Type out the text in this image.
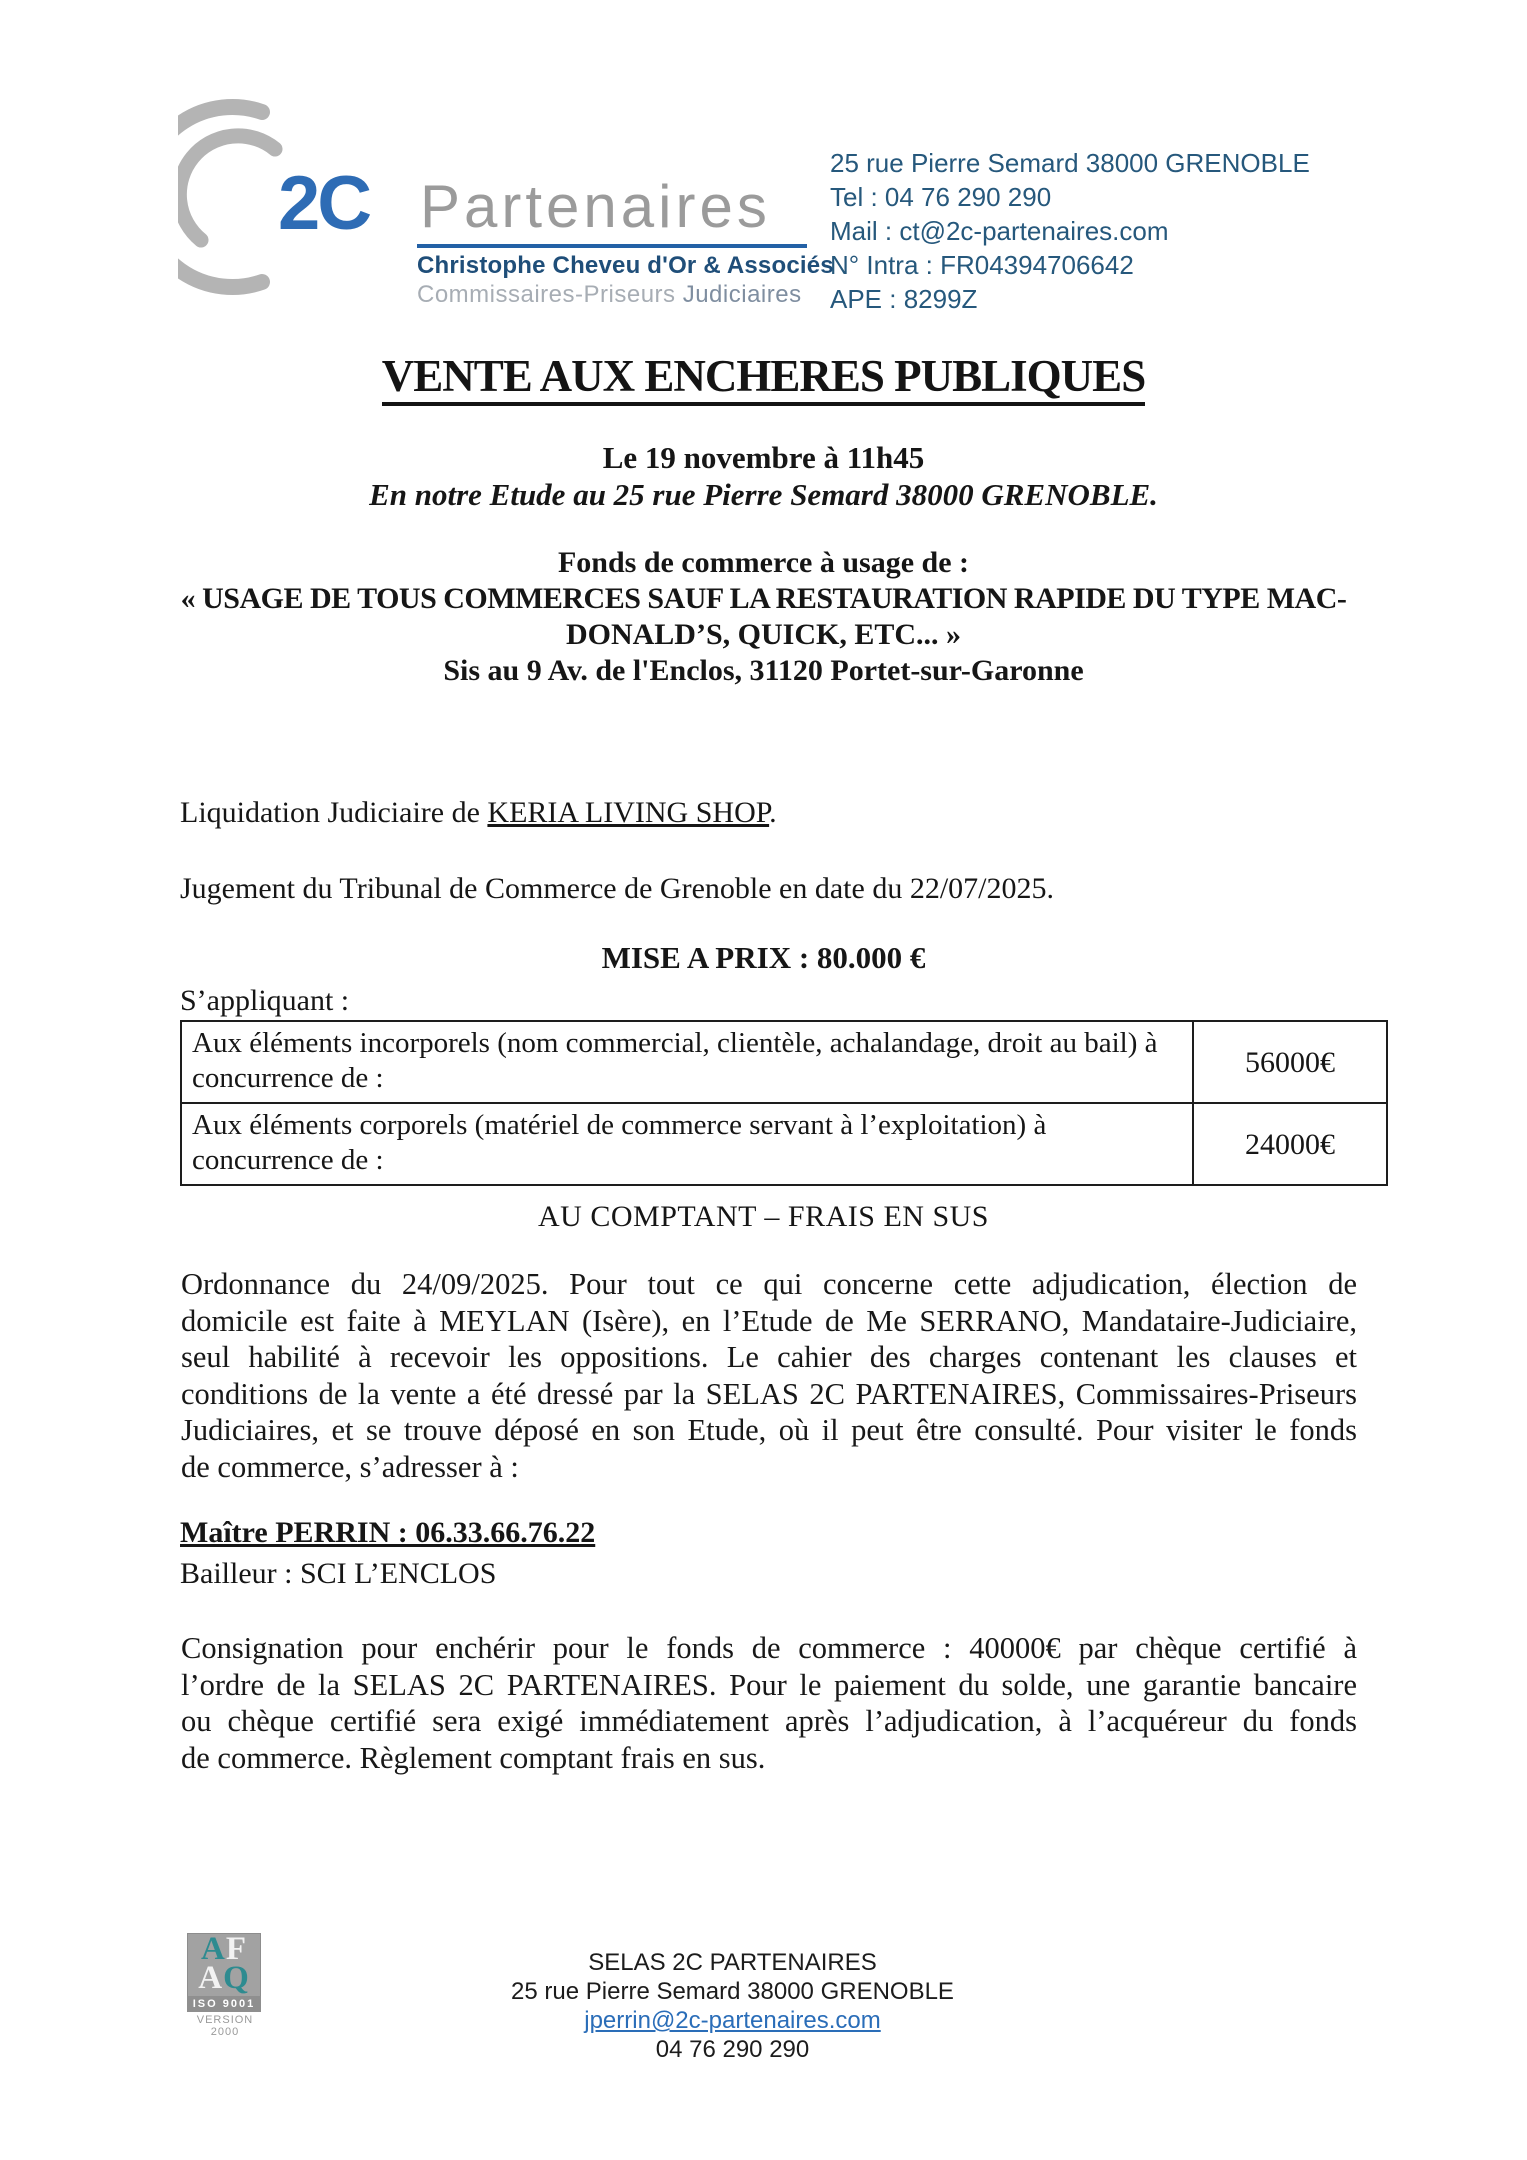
2C Partenaires
Christophe Cheveu d'Or & Associés
Commissaires-Priseurs Judiciaires
25 rue Pierre Semard 38000 GRENOBLE
Tel : 04 76 290 290
Mail : ct@2c-partenaires.com
N° Intra : FR04394706642
APE : 8299Z
VENTE AUX ENCHERES PUBLIQUES
Le 19 novembre à 11h45
En notre Etude au 25 rue Pierre Semard 38000 GRENOBLE.
Fonds de commerce à usage de :
« USAGE DE TOUS COMMERCES SAUF LA RESTAURATION RAPIDE DU TYPE MAC-
DONALD’S, QUICK, ETC... »
Sis au 9 Av. de l'Enclos, 31120 Portet-sur-Garonne
Liquidation Judiciaire de KERIA LIVING SHOP.
Jugement du Tribunal de Commerce de Grenoble en date du 22/07/2025.
MISE A PRIX : 80.000 €
S’appliquant :
Aux éléments incorporels (nom commercial, clientèle, achalandage, droit au bail) à concurrence de :	56000€
Aux éléments corporels (matériel de commerce servant à l’exploitation) à concurrence de :	24000€
AU COMPTANT – FRAIS EN SUS
Ordonnance du 24/09/2025. Pour tout ce qui concerne cette adjudication, élection de
domicile est faite à MEYLAN (Isère), en l’Etude de Me SERRANO, Mandataire-Judiciaire,
seul habilité à recevoir les oppositions. Le cahier des charges contenant les clauses et
conditions de la vente a été dressé par la SELAS 2C PARTENAIRES, Commissaires-Priseurs
Judiciaires, et se trouve déposé en son Etude, où il peut être consulté. Pour visiter le fonds
de commerce, s’adresser à :
Maître PERRIN : 06.33.66.76.22
Bailleur : SCI L’ENCLOS
Consignation pour enchérir pour le fonds de commerce : 40000€ par chèque certifié à
l’ordre de la SELAS 2C PARTENAIRES. Pour le paiement du solde, une garantie bancaire
ou chèque certifié sera exigé immédiatement après l’adjudication, à l’acquéreur du fonds
de commerce. Règlement comptant frais en sus.
AF
AQ
ISO 9001
VERSION 2000
SELAS 2C PARTENAIRES
25 rue Pierre Semard 38000 GRENOBLE
jperrin@2c-partenaires.com
04 76 290 290
